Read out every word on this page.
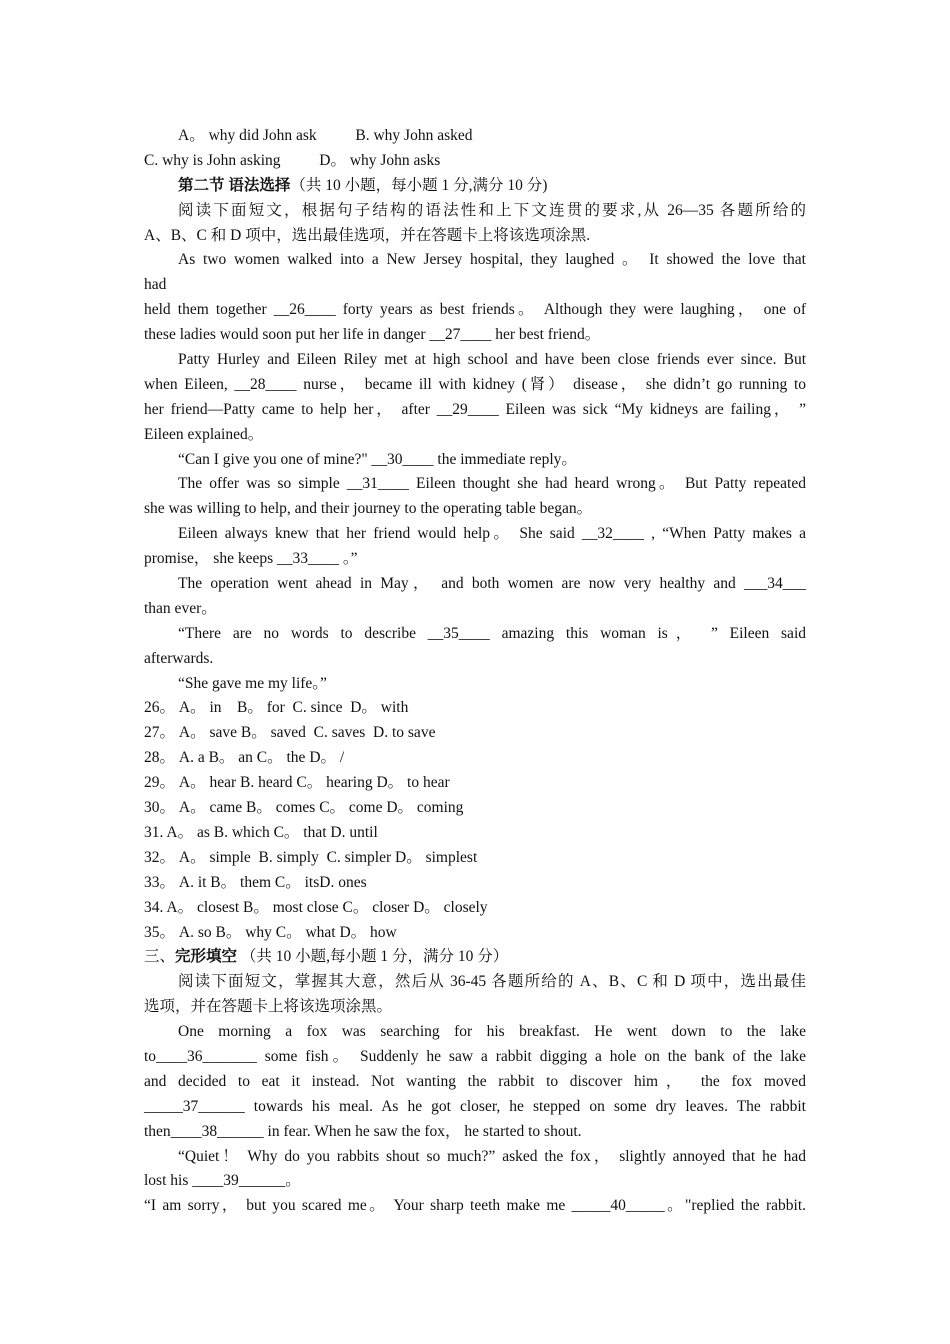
A。 why did John ask          B. why John asked
C. why is John asking          D。 why John asks
第二节 语法选择（共 10 小题，每小题 1 分,满分 10 分)
阅读下面短文，根据句子结构的语法性和上下文连贯的要求,从 26—35 各题所给的
A、B、C 和 D 项中，选出最佳选项，并在答题卡上将该选项涂黑.
As two women walked into a New Jersey hospital, they laughed 。 It showed the love that
had
held them together __26____ forty years as best friends。 Although they were laughing， one of
these ladies would soon put her life in danger __27____ her best friend。
Patty Hurley and Eileen Riley met at high school and have been close friends ever since. But
when Eileen, __28____ nurse， became ill with kidney (肾） disease， she didn’t go running to
her friend—Patty came to help her， after __29____ Eileen was sick “My kidneys are failing， ”
Eileen explained。
“Can I give you one of mine?" __30____ the immediate reply。
The offer was so simple __31____ Eileen thought she had heard wrong。 But Patty repeated
she was willing to help, and their journey to the operating table began。
Eileen always knew that her friend would help。 She said __32____ , “When Patty makes a
promise， she keeps __33____ 。”
The operation went ahead in May， and both women are now very healthy and ___34___
than ever。
“There are no words to describe __35____ amazing this woman is， ” Eileen said
afterwards.
“She gave me my life。”
26。 A。 in    B。 for  C. since  D。 with
27。 A。 save B。 saved  C. saves  D. to save
28。 A. a B。 an C。 the D。 /
29。 A。 hear B. heard C。 hearing D。 to hear
30。 A。 came B。 comes C。 come D。 coming
31. A。 as B. which C。 that D. until
32。 A。 simple  B. simply  C. simpler D。 simplest
33。 A. it B。 them C。 itsD. ones
34. A。 closest B。 most close C。 closer D。 closely
35。 A. so B。 why C。 what D。 how
三、完形填空 （共 10 小题,每小题 1 分，满分 10 分）
阅读下面短文，掌握其大意，然后从 36-45 各题所给的 A、B、C 和 D 项中，选出最佳
选项，并在答题卡上将该选项涂黑。
One morning a fox was searching for his breakfast. He went down to the lake
to____36_______ some fish。 Suddenly he saw a rabbit digging a hole on the bank of the lake
and decided to eat it instead. Not wanting the rabbit to discover him， the fox moved
_____37______ towards his meal. As he got closer, he stepped on some dry leaves. The rabbit
then____38______ in fear. When he saw the fox， he started to shout.
“Quiet！ Why do you rabbits shout so much?” asked the fox， slightly annoyed that he had
lost his ____39______。
“I am sorry， but you scared me。 Your sharp teeth make me _____40_____。"replied the rabbit.
